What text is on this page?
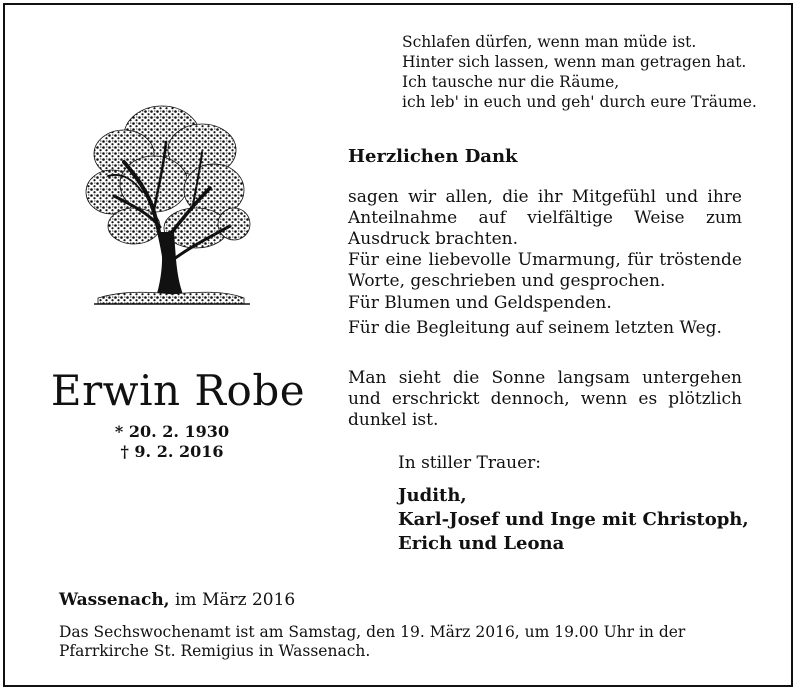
Schlafen dürfen, wenn man müde ist.
Hinter sich lassen, wenn man getragen hat.
Ich tausche nur die Räume,
ich leb' in euch und geh' durch eure Träume.
Erwin Robe
* 20. 2. 1930
† 9. 2. 2016
Herzlichen Dank
sagen wir allen, die ihr Mitgefühl und ihre Anteilnahme auf vielfältige Weise zum Ausdruck brachten.
Für eine liebevolle Umarmung, für tröstende Worte, geschrieben und gesprochen.
Für Blumen und Geldspenden.
Für die Begleitung auf seinem letzten Weg.
Man sieht die Sonne langsam untergehen und erschrickt dennoch, wenn es plötzlich dunkel ist.
In stiller Trauer:
Judith,
Karl-Josef und Inge mit Christoph,
Erich und Leona
Wassenach, im März 2016
Das Sechswochenamt ist am Samstag, den 19. März 2016, um 19.00 Uhr in der Pfarrkirche St. Remigius in Wassenach.
